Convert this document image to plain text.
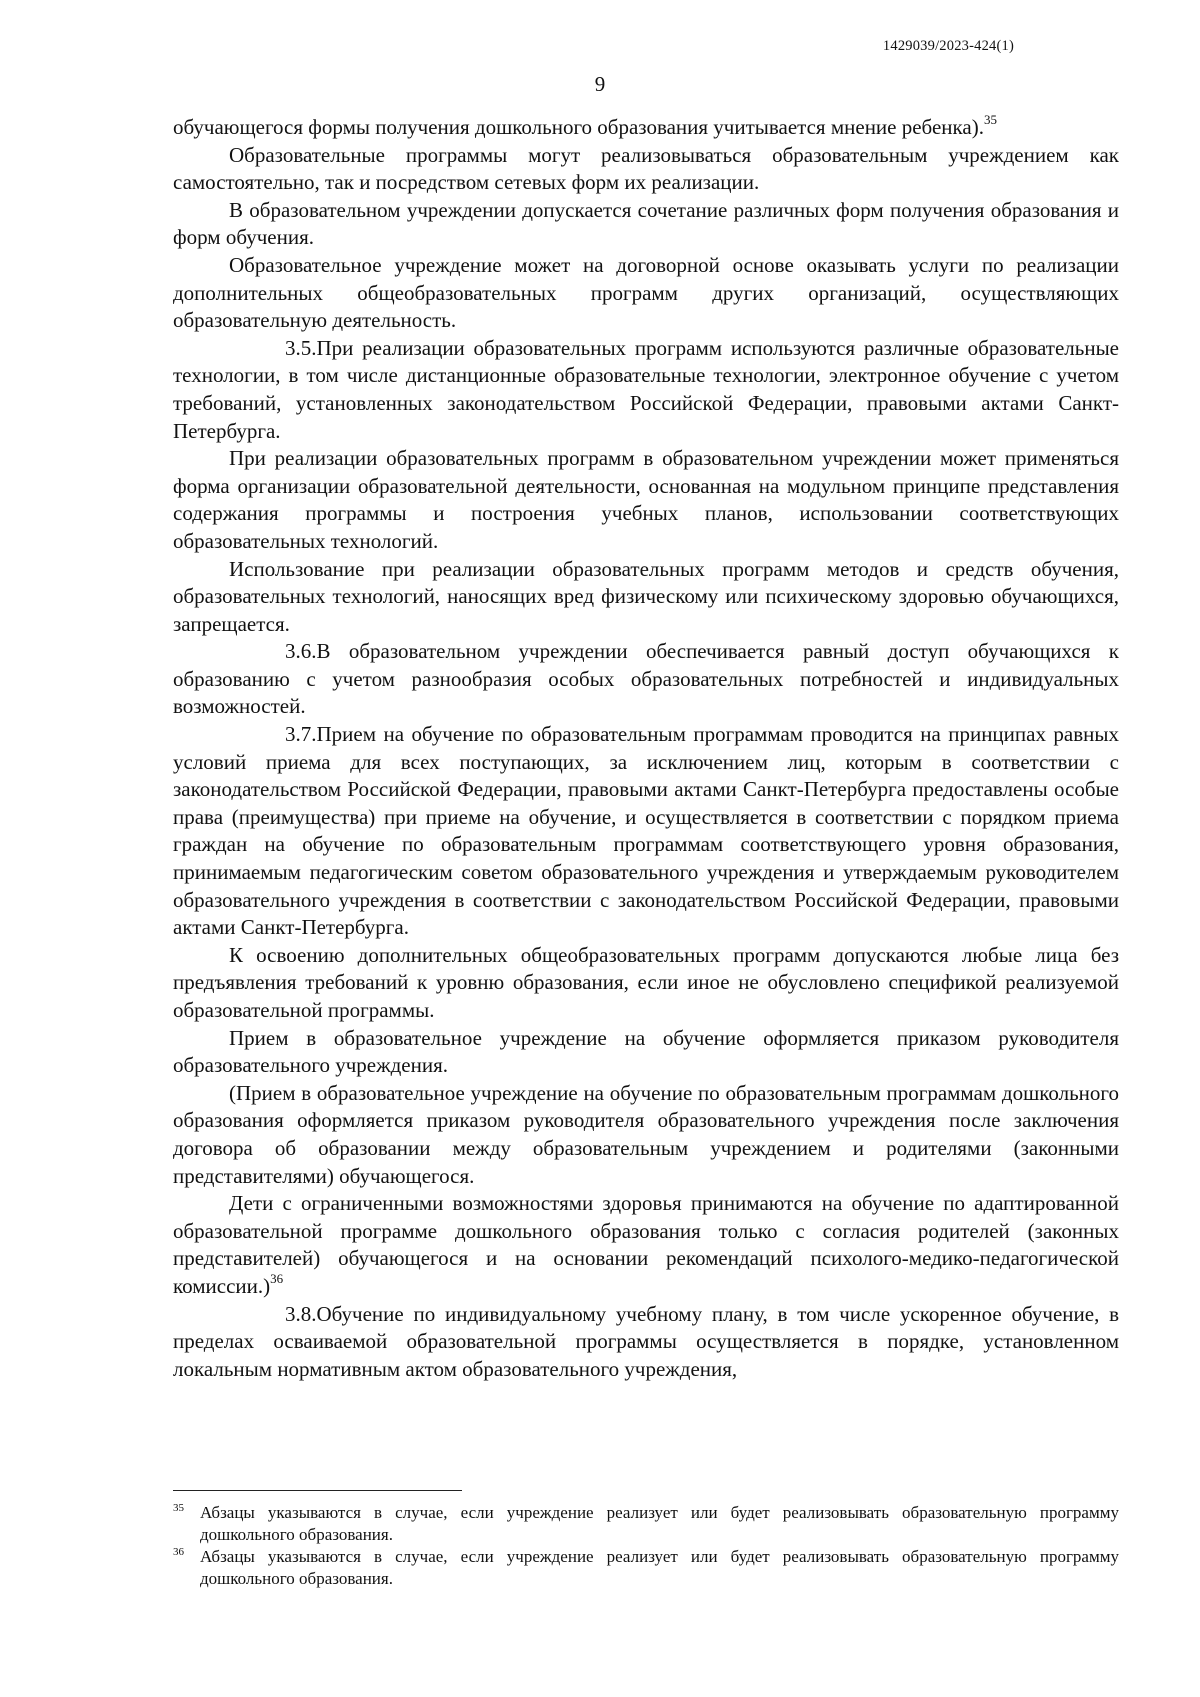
1429039/2023-424(1)
9

обучающегося формы получения дошкольного образования учитывается мнение ребенка).$^{35}$

Образовательные программы могут реализовываться образовательным учреждением как самостоятельно, так и посредством сетевых форм их реализации.

В образовательном учреждении допускается сочетание различных форм получения образования и форм обучения.

Образовательное учреждение может на договорной основе оказывать услуги по реализации дополнительных общеобразовательных программ других организаций, осуществляющих образовательную деятельность.

3.5.При реализации образовательных программ используются различные образовательные технологии, в том числе дистанционные образовательные технологии, электронное обучение с учетом требований, установленных законодательством Российской Федерации, правовыми актами Санкт-Петербурга.

При реализации образовательных программ в образовательном учреждении может применяться форма организации образовательной деятельности, основанная на модульном принципе представления содержания программы и построения учебных планов, использовании соответствующих образовательных технологий.

Использование при реализации образовательных программ методов и средств обучения, образовательных технологий, наносящих вред физическому или психическому здоровью обучающихся, запрещается.

3.6.В образовательном учреждении обеспечивается равный доступ обучающихся к образованию с учетом разнообразия особых образовательных потребностей и индивидуальных возможностей.

3.7.Прием на обучение по образовательным программам проводится на принципах равных условий приема для всех поступающих, за исключением лиц, которым в соответствии с законодательством Российской Федерации, правовыми актами Санкт-Петербурга предоставлены особые права (преимущества) при приеме на обучение, и осуществляется в соответствии с порядком приема граждан на обучение по образовательным программам соответствующего уровня образования, принимаемым педагогическим советом образовательного учреждения и утверждаемым руководителем образовательного учреждения в соответствии с законодательством Российской Федерации, правовыми актами Санкт-Петербурга.

К освоению дополнительных общеобразовательных программ допускаются любые лица без предъявления требований к уровню образования, если иное не обусловлено спецификой реализуемой образовательной программы.

Прием в образовательное учреждение на обучение оформляется приказом руководителя образовательного учреждения.

(Прием в образовательное учреждение на обучение по образовательным программам дошкольного образования оформляется приказом руководителя образовательного учреждения после заключения договора об образовании между образовательным учреждением и родителями (законными представителями) обучающегося.

Дети с ограниченными возможностями здоровья принимаются на обучение по адаптированной образовательной программе дошкольного образования только с согласия родителей (законных представителей) обучающегося и на основании рекомендаций психолого-медико-педагогической комиссии.)$^{36}$

3.8.Обучение по индивидуальному учебному плану, в том числе ускоренное обучение, в пределах осваиваемой образовательной программы осуществляется в порядке, установленном локальным нормативным актом образовательного учреждения,

35 Абзацы указываются в случае, если учреждение реализует или будет реализовывать образовательную программу дошкольного образования.
36 Абзацы указываются в случае, если учреждение реализует или будет реализовывать образовательную программу дошкольного образования.
